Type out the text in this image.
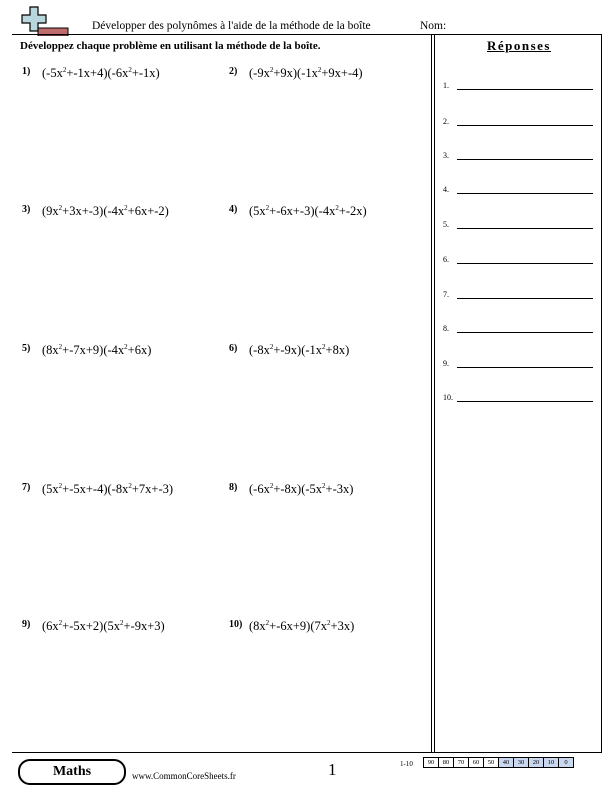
Développer des polynômes à l'aide de la méthode de la boîte	Nom:
Développez chaque problème en utilisant la méthode de la boîte.	Réponses
1) $(-5x^2+-1x+4)(-6x^2+-1x)$	2) $(-9x^2+9x)(-1x^2+9x+-4)$
3) $(9x^2+3x+-3)(-4x^2+6x+-2)$	4) $(5x^2+-6x+-3)(-4x^2+-2x)$
5) $(8x^2+-7x+9)(-4x^2+6x)$	6) $(-8x^2+-9x)(-1x^2+8x)$
7) $(5x^2+-5x+-4)(-8x^2+7x+-3)$	8) $(-6x^2+-8x)(-5x^2+-3x)$
9) $(6x^2+-5x+2)(5x^2+-9x+3)$	10) $(8x^2+-6x+9)(7x^2+3x)$
1.
2.
3.
4.
5.
6.
7.
8.
9.
10.
Maths	www.CommonCoreSheets.fr	1	1-10 90	80	70	60	50	40	30	20	10	0
